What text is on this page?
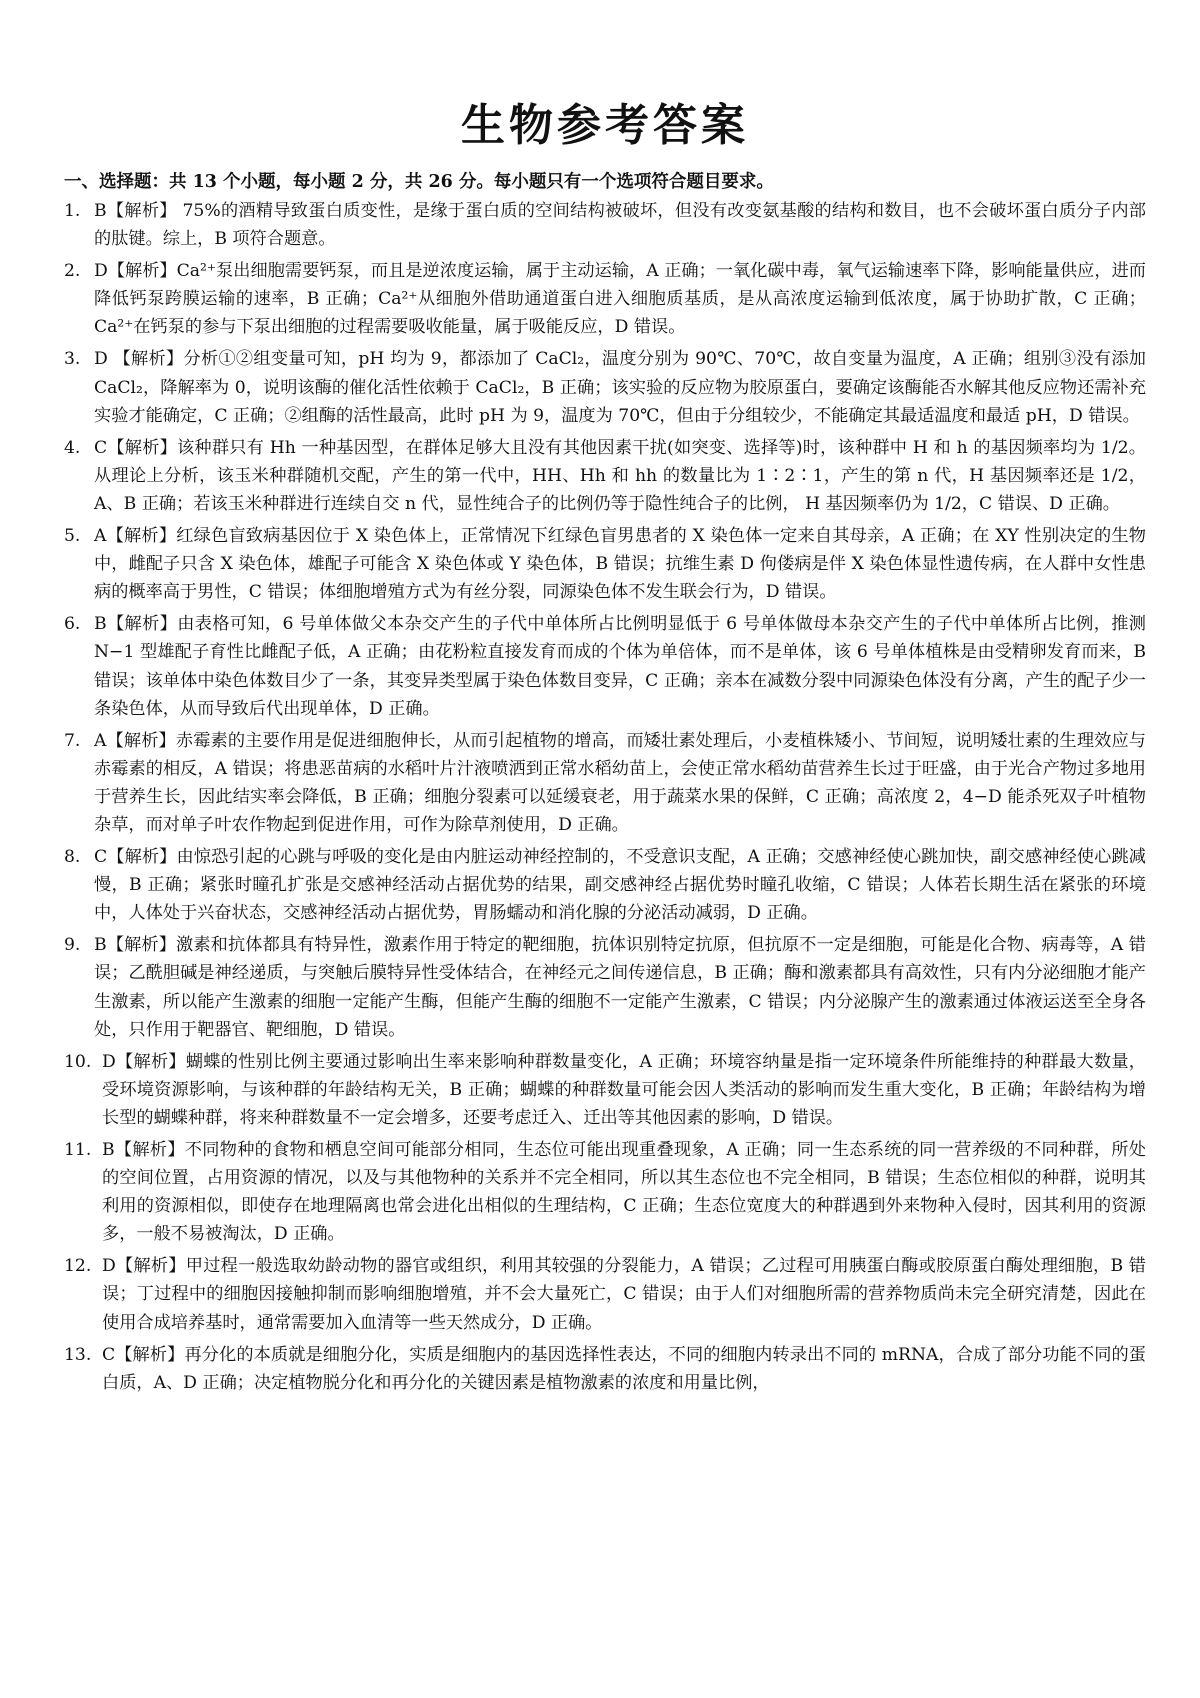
生物参考答案
一、选择题：共 13 个小题，每小题 2 分，共 26 分。每小题只有一个选项符合题目要求。
1. B【解析】 75%的酒精导致蛋白质变性，是缘于蛋白质的空间结构被破坏，但没有改变氨基酸的结构和数目，也不会破坏蛋白质分子内部的肽键。综上，B 项符合题意。
2. D【解析】Ca²⁺泵出细胞需要钙泵，而且是逆浓度运输，属于主动运输，A 正确；一氧化碳中毒，氧气运输速率下降，影响能量供应，进而降低钙泵跨膜运输的速率，B 正确；Ca²⁺从细胞外借助通道蛋白进入细胞质基质，是从高浓度运输到低浓度，属于协助扩散，C 正确；Ca²⁺在钙泵的参与下泵出细胞的过程需要吸收能量，属于吸能反应，D 错误。
3. D 【解析】分析①②组变量可知，pH 均为 9，都添加了 CaCl₂，温度分别为 90℃、70℃，故自变量为温度，A 正确；组别③没有添加 CaCl₂，降解率为 0，说明该酶的催化活性依赖于 CaCl₂，B 正确；该实验的反应物为胶原蛋白，要确定该酶能否水解其他反应物还需补充实验才能确定，C 正确；②组酶的活性最高，此时 pH 为 9，温度为 70℃，但由于分组较少，不能确定其最适温度和最适 pH，D 错误。
4. C【解析】该种群只有 Hh 一种基因型，在群体足够大且没有其他因素干扰(如突变、选择等)时，该种群中 H 和 h 的基因频率均为 1/2。从理论上分析，该玉米种群随机交配，产生的第一代中，HH、Hh 和 hh 的数量比为 1∶2∶1，产生的第 n 代，H 基因频率还是 1/2，A、B 正确；若该玉米种群进行连续自交 n 代，显性纯合子的比例仍等于隐性纯合子的比例， H 基因频率仍为 1/2，C 错误、D 正确。
5. A【解析】红绿色盲致病基因位于 X 染色体上，正常情况下红绿色盲男患者的 X 染色体一定来自其母亲，A 正确；在 XY 性别决定的生物中，雌配子只含 X 染色体，雄配子可能含 X 染色体或 Y 染色体，B 错误；抗维生素 D 佝偻病是伴 X 染色体显性遗传病，在人群中女性患病的概率高于男性，C 错误；体细胞增殖方式为有丝分裂，同源染色体不发生联会行为，D 错误。
6. B【解析】由表格可知，6 号单体做父本杂交产生的子代中单体所占比例明显低于 6 号单体做母本杂交产生的子代中单体所占比例，推测 N−1 型雄配子育性比雌配子低，A 正确；由花粉粒直接发育而成的个体为单倍体，而不是单体，该 6 号单体植株是由受精卵发育而来，B 错误；该单体中染色体数目少了一条，其变异类型属于染色体数目变异，C 正确；亲本在减数分裂中同源染色体没有分离，产生的配子少一条染色体，从而导致后代出现单体，D 正确。
7. A【解析】赤霉素的主要作用是促进细胞伸长，从而引起植物的增高，而矮壮素处理后，小麦植株矮小、节间短，说明矮壮素的生理效应与赤霉素的相反，A 错误；将患恶苗病的水稻叶片汁液喷洒到正常水稻幼苗上，会使正常水稻幼苗营养生长过于旺盛，由于光合产物过多地用于营养生长，因此结实率会降低，B 正确；细胞分裂素可以延缓衰老，用于蔬菜水果的保鲜，C 正确；高浓度 2，4−D 能杀死双子叶植物杂草，而对单子叶农作物起到促进作用，可作为除草剂使用，D 正确。
8. C【解析】由惊恐引起的心跳与呼吸的变化是由内脏运动神经控制的，不受意识支配，A 正确；交感神经使心跳加快，副交感神经使心跳减慢，B 正确；紧张时瞳孔扩张是交感神经活动占据优势的结果，副交感神经占据优势时瞳孔收缩，C 错误；人体若长期生活在紧张的环境中，人体处于兴奋状态，交感神经活动占据优势，胃肠蠕动和消化腺的分泌活动减弱，D 正确。
9. B【解析】激素和抗体都具有特异性，激素作用于特定的靶细胞，抗体识别特定抗原，但抗原不一定是细胞，可能是化合物、病毒等，A 错误；乙酰胆碱是神经递质，与突触后膜特异性受体结合，在神经元之间传递信息，B 正确；酶和激素都具有高效性，只有内分泌细胞才能产生激素，所以能产生激素的细胞一定能产生酶，但能产生酶的细胞不一定能产生激素，C 错误；内分泌腺产生的激素通过体液运送至全身各处，只作用于靶器官、靶细胞，D 错误。
10. D【解析】蝴蝶的性别比例主要通过影响出生率来影响种群数量变化，A 正确；环境容纳量是指一定环境条件所能维持的种群最大数量，受环境资源影响，与该种群的年龄结构无关，B 正确；蝴蝶的种群数量可能会因人类活动的影响而发生重大变化，B 正确；年龄结构为增长型的蝴蝶种群，将来种群数量不一定会增多，还要考虑迁入、迁出等其他因素的影响，D 错误。
11. B【解析】不同物种的食物和栖息空间可能部分相同，生态位可能出现重叠现象，A 正确；同一生态系统的同一营养级的不同种群，所处的空间位置，占用资源的情况，以及与其他物种的关系并不完全相同，所以其生态位也不完全相同，B 错误；生态位相似的种群，说明其利用的资源相似，即使存在地理隔离也常会进化出相似的生理结构，C 正确；生态位宽度大的种群遇到外来物种入侵时，因其利用的资源多，一般不易被淘汰，D 正确。
12. D【解析】甲过程一般选取幼龄动物的器官或组织，利用其较强的分裂能力，A 错误；乙过程可用胰蛋白酶或胶原蛋白酶处理细胞，B 错误；丁过程中的细胞因接触抑制而影响细胞增殖，并不会大量死亡，C 错误；由于人们对细胞所需的营养物质尚未完全研究清楚，因此在使用合成培养基时，通常需要加入血清等一些天然成分，D 正确。
13. C【解析】再分化的本质就是细胞分化，实质是细胞内的基因选择性表达，不同的细胞内转录出不同的 mRNA，合成了部分功能不同的蛋白质，A、D 正确；决定植物脱分化和再分化的关键因素是植物激素的浓度和用量比例，
